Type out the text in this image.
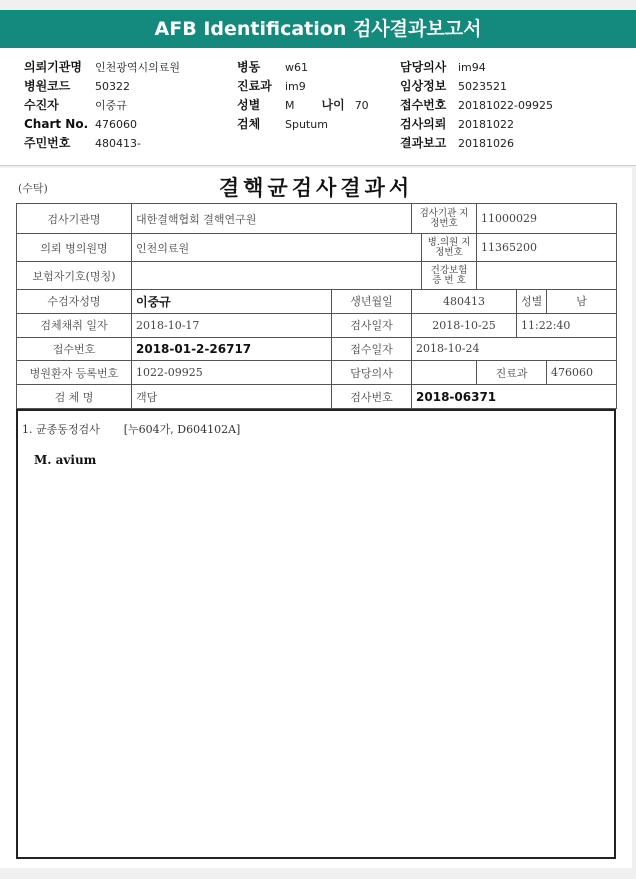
AFB Identification 검사결과보고서
의뢰기관명 인천광역시의료원
병원코드 50322
수진자	이중규
Chart No. 476060
주민번호 480413-
병동 w61
진료과 im9
성별 M 나이 70
검체 Sputum
담당의사 im94
임상정보 5023521
접수번호 20181022-09925
검사의뢰 20181022
결과보고 20181026
(수탁)	결핵균검사결과서
검사기관명	대한결핵협회 결핵연구원		검사기관 지정번호		11000029		
의뢰 병의원명	인천의료원			병.의원 지정번호	11365200		
보험자기호(명칭)				건강보험 증 번 호			
수검자성명	이중규	생년월일	480413			성별	남
검체채취 일자	2018-10-17	검사일자	2018-10-25			11:22:40	
접수번호	2018-01-2-26717	접수일자	2018-10-24				
병원환자 등록번호	1022-09925	담당의사			진료과		476060
검 체 명	객담	검사번호	2018-06371				
1. 균종동정검사 [누604가, D604102A]
M. avium
